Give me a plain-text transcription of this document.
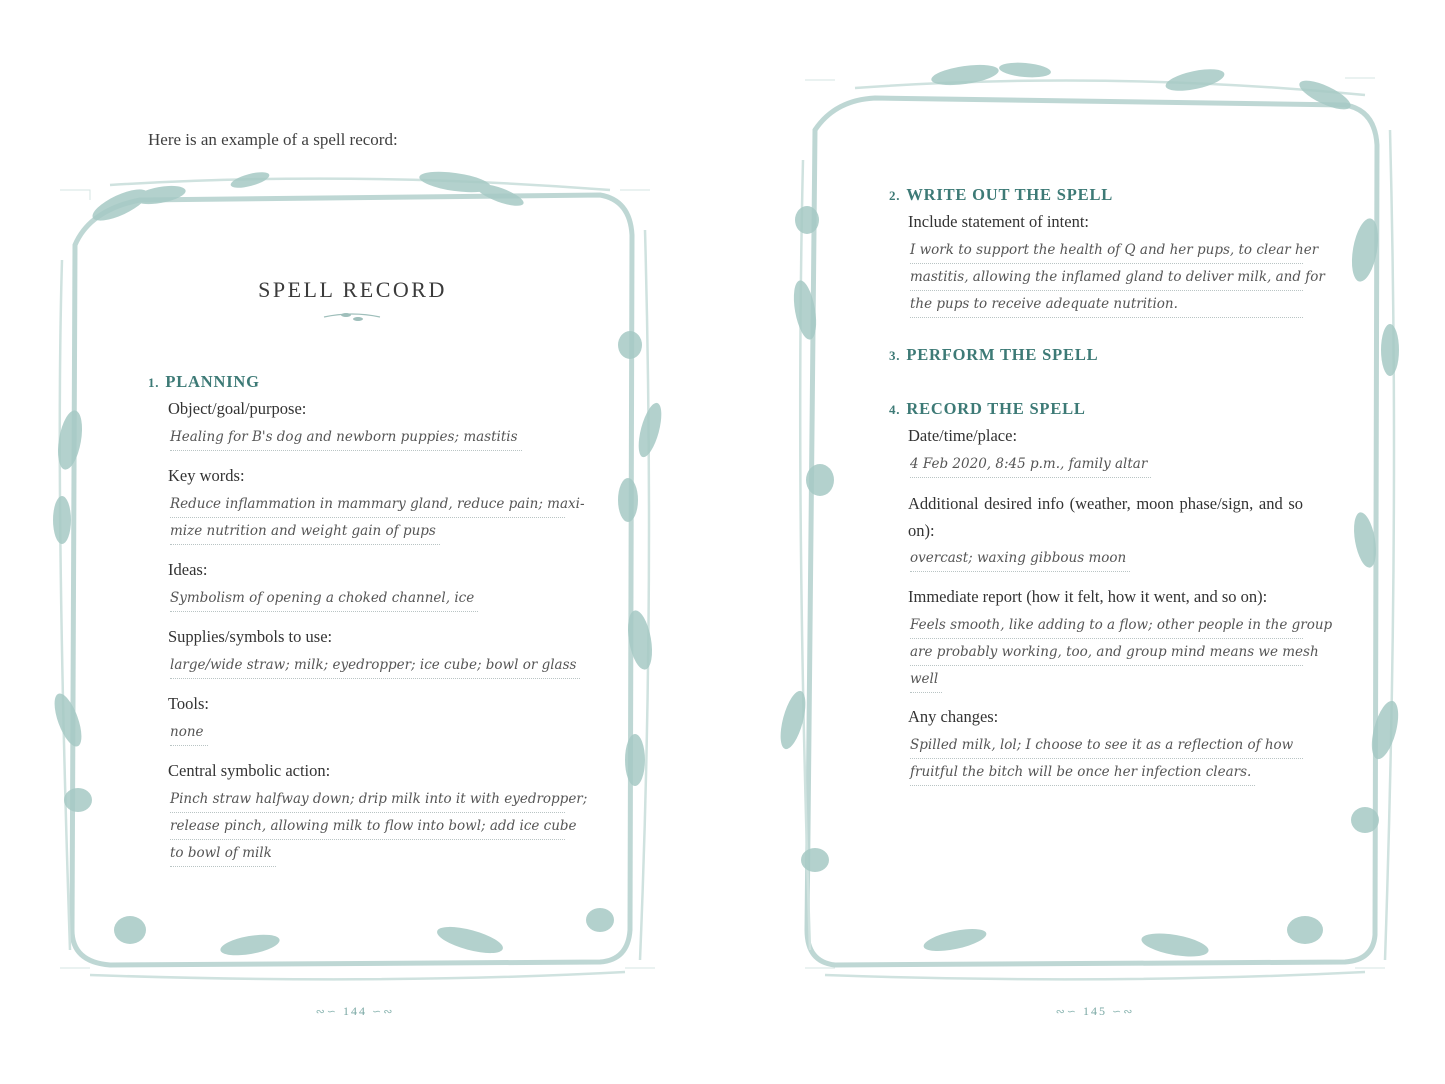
Here is an example of a spell record:
SPELL RECORD
1. PLANNING
Object/goal/purpose:
Healing for B's dog and newborn puppies; mastitis
Key words:
Reduce inflammation in mammary gland, reduce pain; maxi-
mize nutrition and weight gain of pups
Ideas:
Symbolism of opening a choked channel, ice
Supplies/symbols to use:
large/wide straw; milk; eyedropper; ice cube; bowl or glass
Tools:
none
Central symbolic action:
Pinch straw halfway down; drip milk into it with eyedropper;
release pinch, allowing milk to flow into bowl; add ice cube
to bowl of milk
∾∽ 144 ∽∾
2. WRITE OUT THE SPELL
Include statement of intent:
I work to support the health of Q and her pups, to clear her
mastitis, allowing the inflamed gland to deliver milk, and for
the pups to receive adequate nutrition.
3. PERFORM THE SPELL
4. RECORD THE SPELL
Date/time/place:
4 Feb 2020, 8:45 p.m., family altar
Additional desired info (weather, moon phase/sign, and so on):
overcast; waxing gibbous moon
Immediate report (how it felt, how it went, and so on):
Feels smooth, like adding to a flow; other people in the group
are probably working, too, and group mind means we mesh
well
Any changes:
Spilled milk, lol; I choose to see it as a reflection of how
fruitful the bitch will be once her infection clears.
∾∽ 145 ∽∾
